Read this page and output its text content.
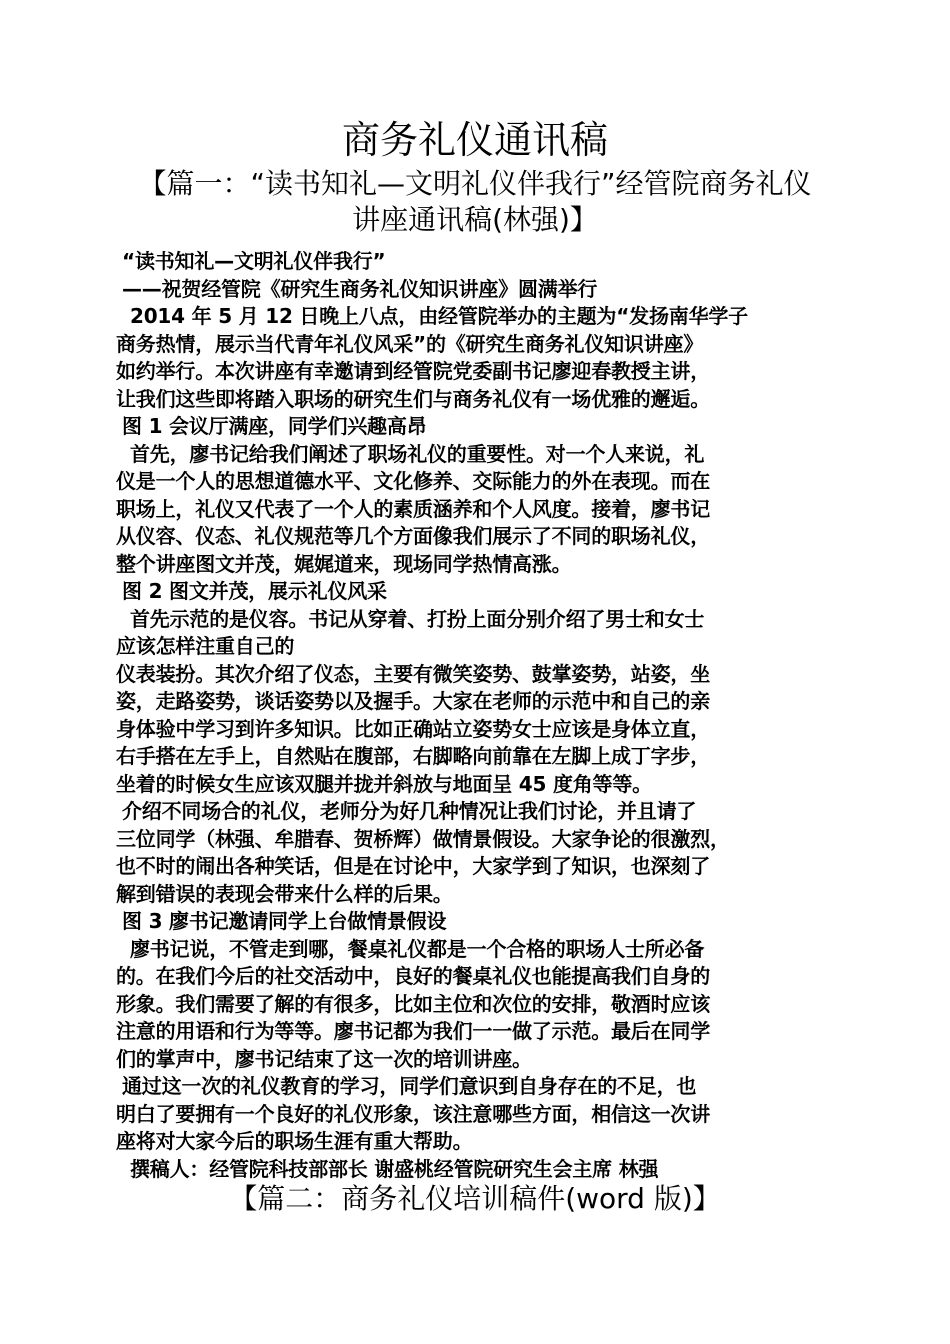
商务礼仪通讯稿
【篇一：“读书知礼—文明礼仪伴我行”经管院商务礼仪
讲座通讯稿(林强)】
“读书知礼—文明礼仪伴我行”
——祝贺经管院《研究生商务礼仪知识讲座》圆满举行
2014 年 5 月 12 日晚上八点，由经管院举办的主题为“发扬南华学子
商务热情，展示当代青年礼仪风采”的《研究生商务礼仪知识讲座》
如约举行。本次讲座有幸邀请到经管院党委副书记廖迎春教授主讲，
让我们这些即将踏入职场的研究生们与商务礼仪有一场优雅的邂逅。
图 1 会议厅满座，同学们兴趣高昂
首先，廖书记给我们阐述了职场礼仪的重要性。对一个人来说，礼
仪是一个人的思想道德水平、文化修养、交际能力的外在表现。而在
职场上，礼仪又代表了一个人的素质涵养和个人风度。接着，廖书记
从仪容、仪态、礼仪规范等几个方面像我们展示了不同的职场礼仪，
整个讲座图文并茂，娓娓道来，现场同学热情高涨。
图 2 图文并茂，展示礼仪风采
首先示范的是仪容。书记从穿着、打扮上面分别介绍了男士和女士
应该怎样注重自己的
仪表装扮。其次介绍了仪态，主要有微笑姿势、鼓掌姿势，站姿，坐
姿，走路姿势，谈话姿势以及握手。大家在老师的示范中和自己的亲
身体验中学习到许多知识。比如正确站立姿势女士应该是身体立直，
右手搭在左手上，自然贴在腹部，右脚略向前靠在左脚上成丁字步，
坐着的时候女生应该双腿并拢并斜放与地面呈 45 度角等等。
介绍不同场合的礼仪，老师分为好几种情况让我们讨论，并且请了
三位同学（林强、牟腊春、贺桥辉）做情景假设。大家争论的很激烈，
也不时的闹出各种笑话，但是在讨论中，大家学到了知识，也深刻了
解到错误的表现会带来什么样的后果。
图 3 廖书记邀请同学上台做情景假设
廖书记说，不管走到哪，餐桌礼仪都是一个合格的职场人士所必备
的。在我们今后的社交活动中，良好的餐桌礼仪也能提高我们自身的
形象。我们需要了解的有很多，比如主位和次位的安排，敬酒时应该
注意的用语和行为等等。廖书记都为我们一一做了示范。最后在同学
们的掌声中，廖书记结束了这一次的培训讲座。
通过这一次的礼仪教育的学习，同学们意识到自身存在的不足，也
明白了要拥有一个良好的礼仪形象，该注意哪些方面，相信这一次讲
座将对大家今后的职场生涯有重大帮助。
撰稿人：经管院科技部部长 谢盛桃经管院研究生会主席 林强
【篇二：商务礼仪培训稿件(word 版)】
